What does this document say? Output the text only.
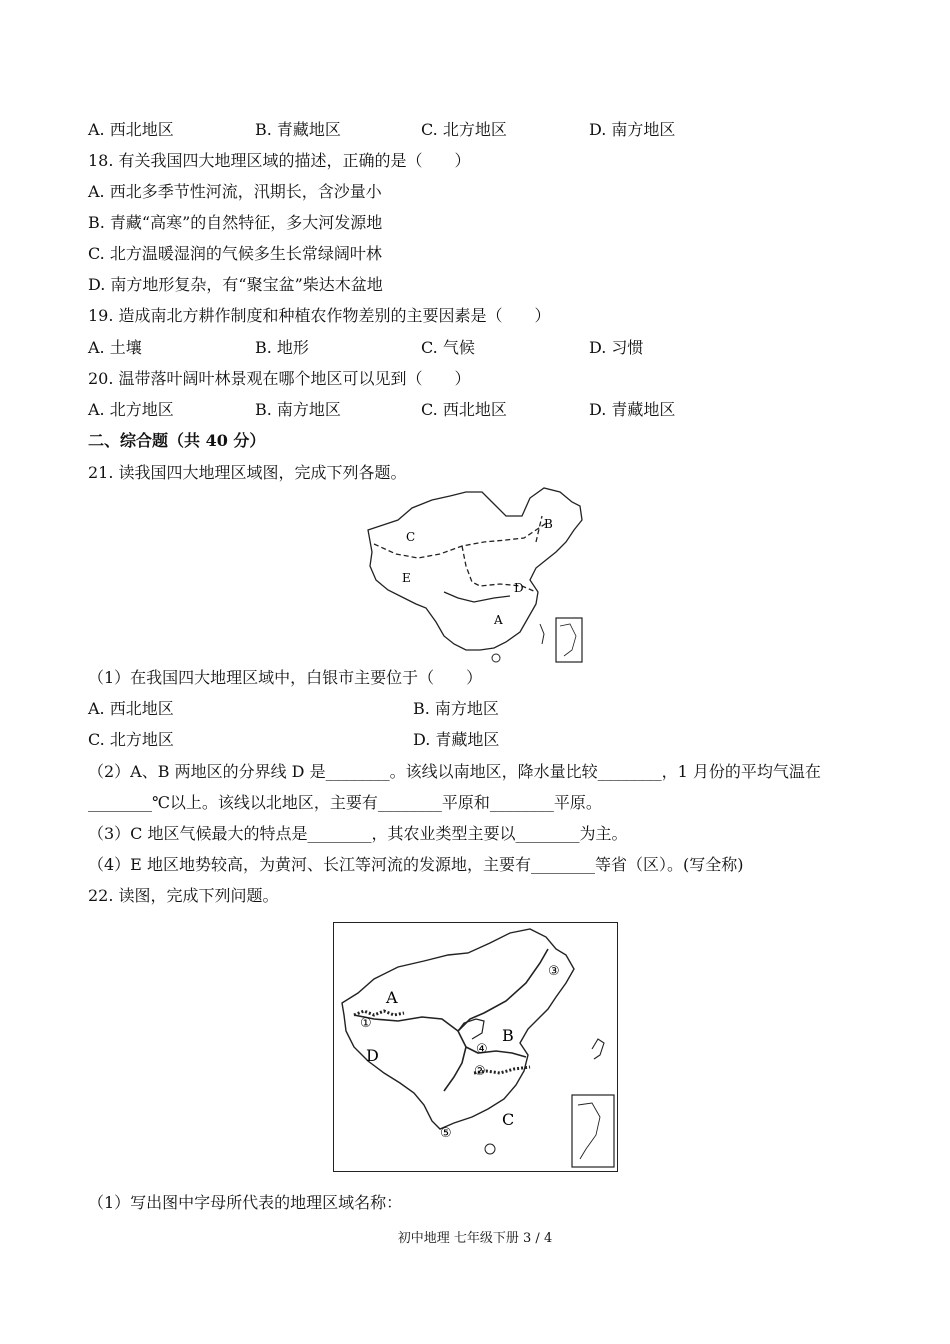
A. 西北地区	B. 青藏地区	C. 北方地区	D. 南方地区
18. 有关我国四大地理区域的描述，正确的是（　　）
A. 西北多季节性河流，汛期长，含沙量小
B. 青藏“高寒”的自然特征，多大河发源地
C. 北方温暖湿润的气候多生长常绿阔叶林
D. 南方地形复杂，有“聚宝盆”柴达木盆地
19. 造成南北方耕作制度和种植农作物差别的主要因素是（　　）
A. 土壤	B. 地形	C. 气候	D. 习惯
20. 温带落叶阔叶林景观在哪个地区可以见到（　　）
A. 北方地区	B. 南方地区	C. 西北地区	D. 青藏地区
二、综合题（共 40 分）
21. 读我国四大地理区域图，完成下列各题。
C
B
E
D
A
（1）在我国四大地理区域中，白银市主要位于（　　）
A. 西北地区	B. 南方地区
C. 北方地区	D. 青藏地区
（2）A、B 两地区的分界线 D 是________。该线以南地区，降水量比较________，1 月份的平均气温在
________℃以上。该线以北地区，主要有________平原和________平原。
（3）C 地区气候最大的特点是________，其农业类型主要以________为主。
（4）E 地区地势较高，为黄河、长江等河流的发源地，主要有________等省（区）。(写全称)
22. 读图，完成下列问题。
A
B
C
D
①
②
③
④
⑤
（1）写出图中字母所代表的地理区域名称：
初中地理 七年级下册 3 / 4
